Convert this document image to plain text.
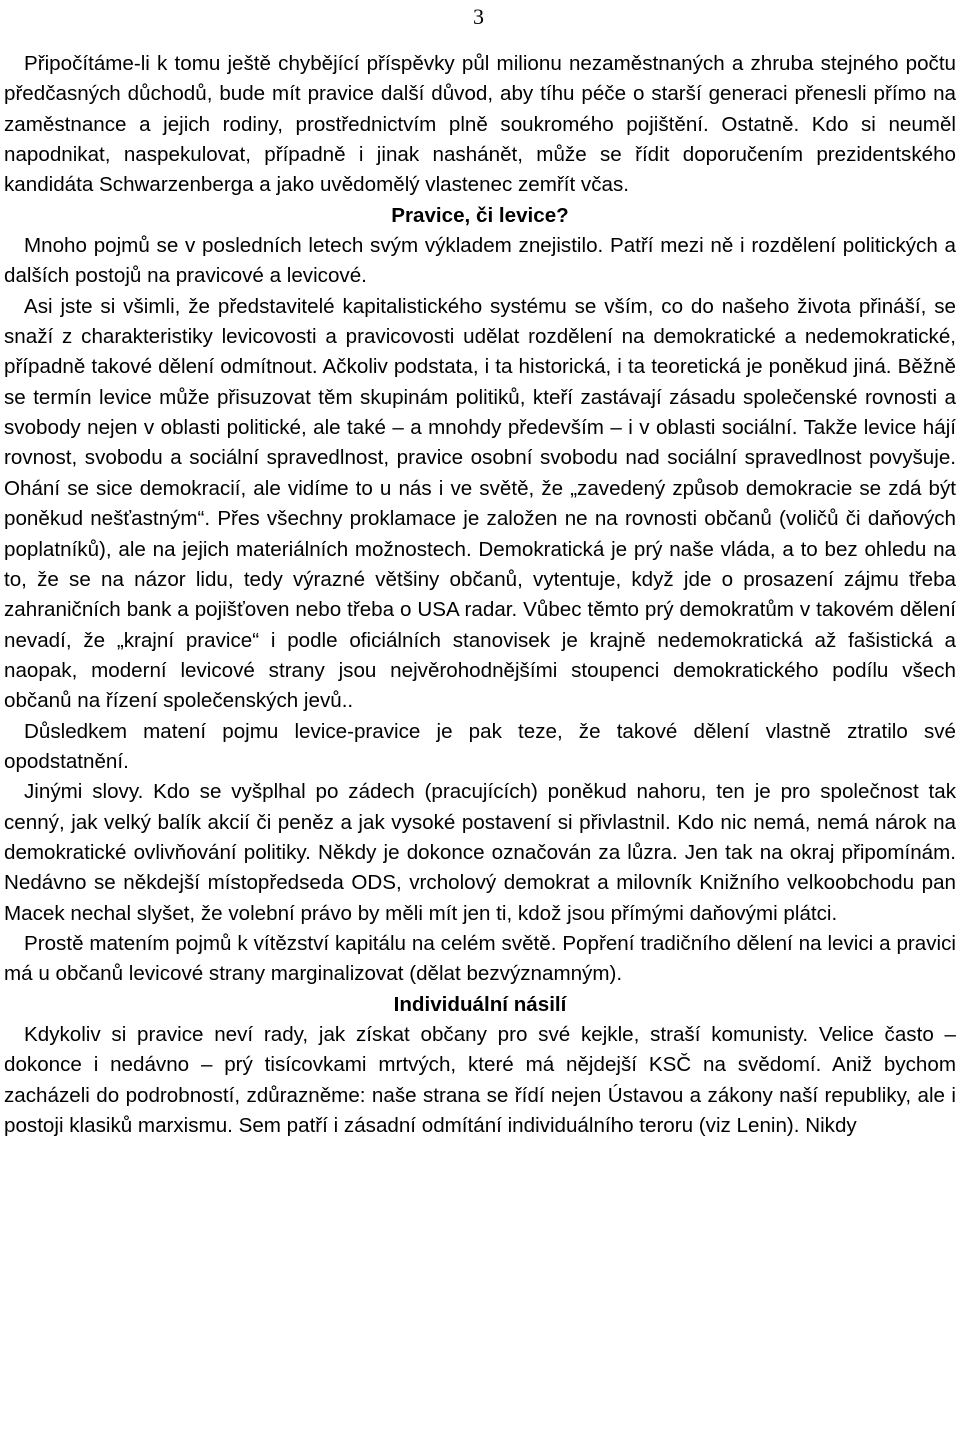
3

Připočítáme-li k tomu ještě chybějící příspěvky půl milionu nezaměstnaných a zhruba stejného počtu předčasných důchodů, bude mít pravice další důvod, aby tíhu péče o starší generaci přenesli přímo na zaměstnance a jejich rodiny, prostřednictvím plně soukromého pojištění. Ostatně. Kdo si neuměl napodnikat, naspekulovat, případně i jinak nashánět, může se řídit doporučením prezidentského kandidáta Schwarzenberga a jako uvědomělý vlastenec zemřít včas.

Pravice, či levice?

Mnoho pojmů se v posledních letech svým výkladem znejistilo. Patří mezi ně i rozdělení politických a dalších postojů na pravicové a levicové.

Asi jste si všimli, že představitelé kapitalistického systému se vším, co do našeho života přináší, se snaží z charakteristiky levicovosti a pravicovosti udělat rozdělení na demokratické a nedemokratické, případně takové dělení odmítnout. Ačkoliv podstata, i ta historická, i ta teoretická je poněkud jiná. Běžně se termín levice může přisuzovat těm skupinám politiků, kteří zastávají zásadu společenské rovnosti a svobody nejen v oblasti politické, ale také – a mnohdy především – i v oblasti sociální. Takže levice hájí rovnost, svobodu a sociální spravedlnost, pravice osobní svobodu nad sociální spravedlnost povyšuje. Ohání se sice demokracií, ale vidíme to u nás i ve světě, že „zavedený způsob demokracie se zdá být poněkud nešťastným“. Přes všechny proklamace je založen ne na rovnosti občanů (voličů či daňových poplatníků), ale na jejich materiálních možnostech. Demokratická je prý naše vláda, a to bez ohledu na to, že se na názor lidu, tedy výrazné většiny občanů, vytentuje, když jde o prosazení zájmu třeba zahraničních bank a pojišťoven nebo třeba o USA radar. Vůbec těmto prý demokratům v takovém dělení nevadí, že „krajní pravice“ i podle oficiálních stanovisek je krajně nedemokratická až fašistická a naopak, moderní levicové strany jsou nejvěrohodnějšími stoupenci demokratického podílu všech občanů na řízení společenských jevů..

Důsledkem matení pojmu levice-pravice je pak teze, že takové dělení vlastně ztratilo své opodstatnění.

Jinými slovy. Kdo se vyšplhal po zádech (pracujících) poněkud nahoru, ten je pro společnost tak cenný, jak velký balík akcií či peněz a jak vysoké postavení si přivlastnil. Kdo nic nemá, nemá nárok na demokratické ovlivňování politiky. Někdy je dokonce označován za lůzra. Jen tak na okraj připomínám. Nedávno se někdejší místopředseda ODS, vrcholový demokrat a milovník Knižního velkoobchodu pan Macek nechal slyšet, že volební právo by měli mít jen ti, kdož jsou přímými daňovými plátci.

Prostě matením pojmů k vítězství kapitálu na celém světě. Popření tradičního dělení na levici a pravici má u občanů levicové strany marginalizovat (dělat bezvýznamným).

Individuální násilí

Kdykoliv si pravice neví rady, jak získat občany pro své kejkle, straší komunisty. Velice často – dokonce i nedávno – prý tisícovkami mrtvých, které má nějdejší KSČ na svědomí. Aniž bychom zacházeli do podrobností, zdůrazněme: naše strana se řídí nejen Ústavou a zákony naší republiky, ale i postoji klasiků marxismu. Sem patří i zásadní odmítání individuálního teroru (viz Lenin). Nikdy
